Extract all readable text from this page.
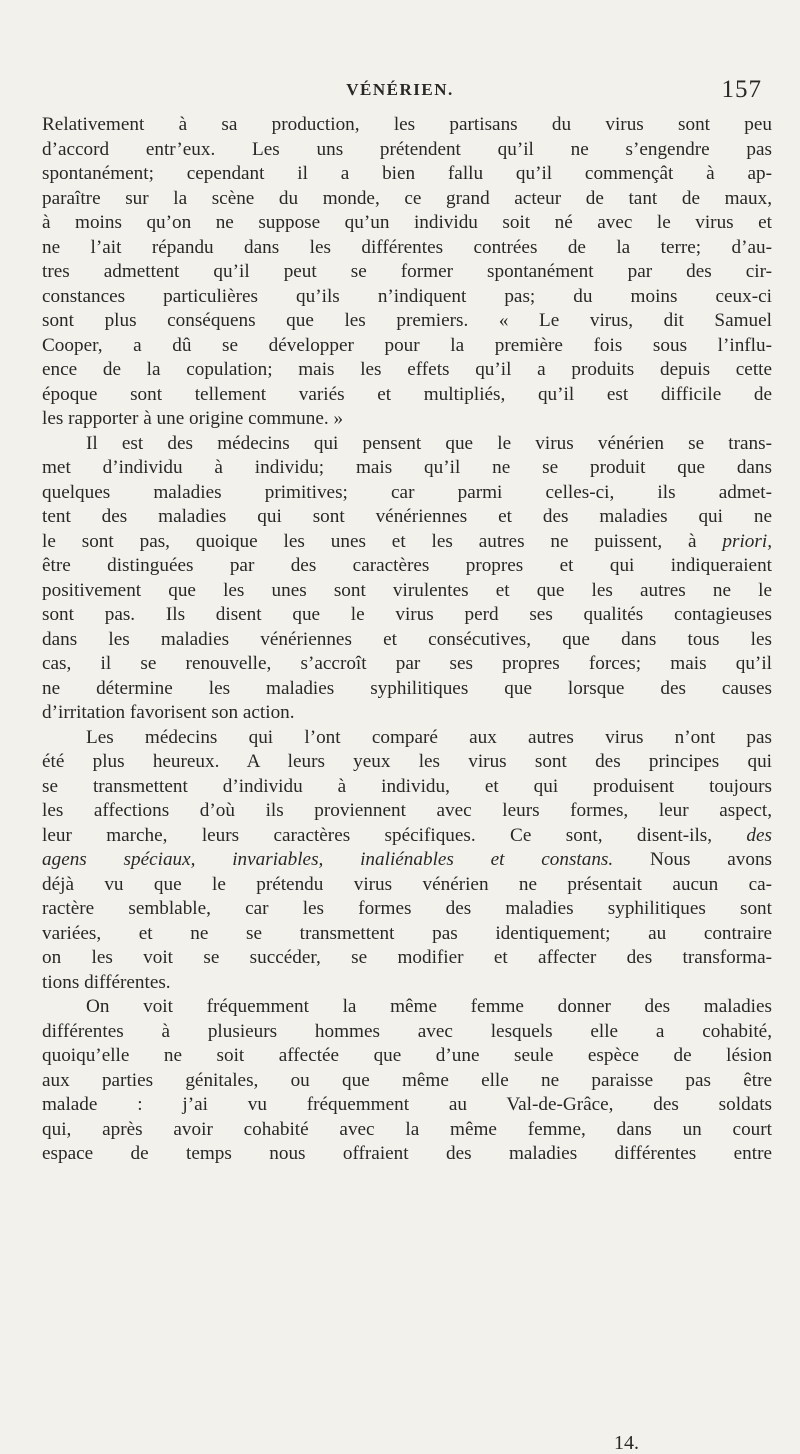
VÉNÉRIEN.	157
Relativement à sa production, les partisans du virus sont peu
d’accord entr’eux. Les uns prétendent qu’il ne s’engendre pas
spontanément; cependant il a bien fallu qu’il commençât à ap-
paraître sur la scène du monde, ce grand acteur de tant de maux,
à moins qu’on ne suppose qu’un individu soit né avec le virus et
ne l’ait répandu dans les différentes contrées de la terre; d’au-
tres admettent qu’il peut se former spontanément par des cir-
constances particulières qu’ils n’indiquent pas; du moins ceux-ci
sont plus conséquens que les premiers. « Le virus, dit Samuel
Cooper, a dû se développer pour la première fois sous l’influ-
ence de la copulation; mais les effets qu’il a produits depuis cette
époque sont tellement variés et multipliés, qu’il est difficile de
les rapporter à une origine commune. »
Il est des médecins qui pensent que le virus vénérien se trans-
met d’individu à individu; mais qu’il ne se produit que dans
quelques maladies primitives; car parmi celles-ci, ils admet-
tent des maladies qui sont vénériennes et des maladies qui ne
le sont pas, quoique les unes et les autres ne puissent, à priori,
être distinguées par des caractères propres et qui indiqueraient
positivement que les unes sont virulentes et que les autres ne le
sont pas. Ils disent que le virus perd ses qualités contagieuses
dans les maladies vénériennes et consécutives, que dans tous les
cas, il se renouvelle, s’accroît par ses propres forces; mais qu’il
ne détermine les maladies syphilitiques que lorsque des causes
d’irritation favorisent son action.
Les médecins qui l’ont comparé aux autres virus n’ont pas
été plus heureux. A leurs yeux les virus sont des principes qui
se transmettent d’individu à individu, et qui produisent toujours
les affections d’où ils proviennent avec leurs formes, leur aspect,
leur marche, leurs caractères spécifiques. Ce sont, disent-ils, des
agens spéciaux, invariables, inaliénables et constans. Nous avons
déjà vu que le prétendu virus vénérien ne présentait aucun ca-
ractère semblable, car les formes des maladies syphilitiques sont
variées, et ne se transmettent pas identiquement; au contraire
on les voit se succéder, se modifier et affecter des transforma-
tions différentes.
On voit fréquemment la même femme donner des maladies
différentes à plusieurs hommes avec lesquels elle a cohabité,
quoiqu’elle ne soit affectée que d’une seule espèce de lésion
aux parties génitales, ou que même elle ne paraisse pas être
malade : j’ai vu fréquemment au Val-de-Grâce, des soldats
qui, après avoir cohabité avec la même femme, dans un court
espace de temps nous offraient des maladies différentes entre
14.
